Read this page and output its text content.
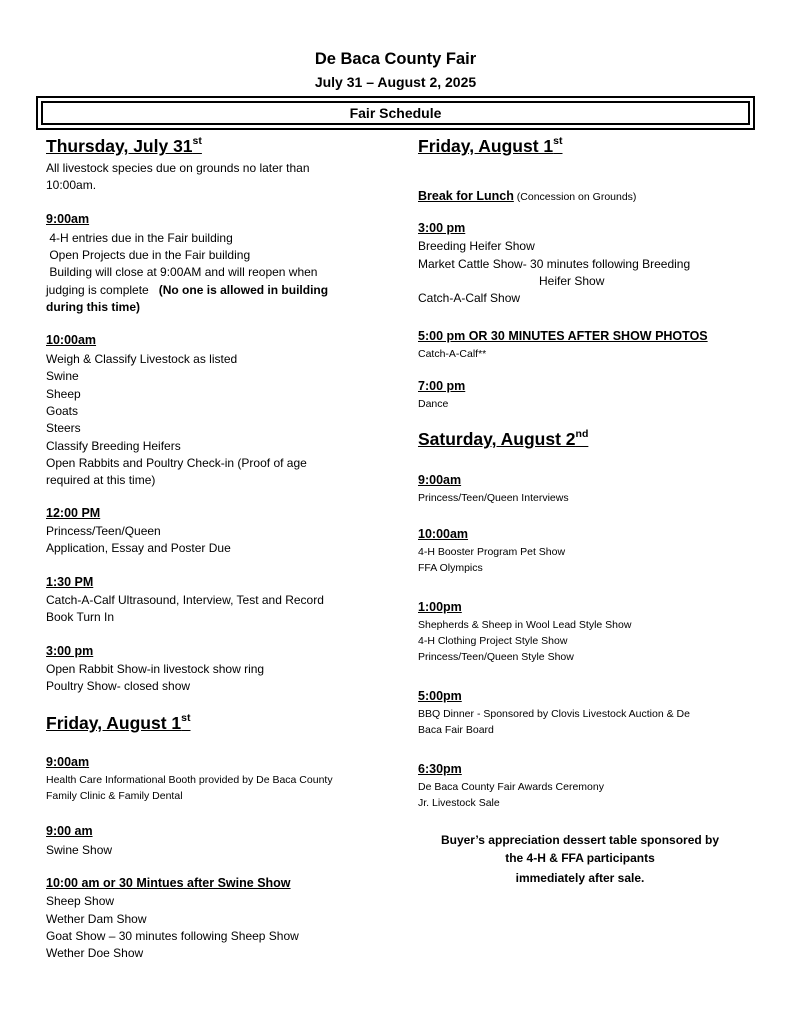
De Baca County Fair
July 31 – August 2, 2025
Fair Schedule
Thursday, July 31st
All livestock species due on grounds no later than
10:00am.
9:00am
4-H entries due in the Fair building
Open Projects due in the Fair building
Building will close at 9:00AM and will reopen when
judging is complete   (No one is allowed in building
during this time)
10:00am
Weigh & Classify Livestock as listed
Swine
Sheep
Goats
Steers
Classify Breeding Heifers
Open Rabbits and Poultry Check-in (Proof of age
required at this time)
12:00 PM
Princess/Teen/Queen
Application, Essay and Poster Due
1:30 PM
Catch-A-Calf Ultrasound, Interview, Test and Record
Book Turn In
3:00 pm
Open Rabbit Show-in livestock show ring
Poultry Show- closed show
Friday, August 1st
9:00am
Health Care Informational Booth provided by De Baca County
Family Clinic & Family Dental
9:00 am
Swine Show
10:00 am or 30 Mintues after Swine Show
Sheep Show
Wether Dam Show
Goat Show – 30 minutes following Sheep Show
Wether Doe Show
Friday, August 1st
Break for Lunch (Concession on Grounds)
3:00 pm
Breeding Heifer Show
Market Cattle Show- 30 minutes following Breeding
Heifer Show
Catch-A-Calf Show
5:00 pm OR 30 MINUTES AFTER SHOW PHOTOS
Catch-A-Calf**
7:00 pm
Dance
Saturday, August 2nd
9:00am
Princess/Teen/Queen Interviews
10:00am
4-H Booster Program Pet Show
FFA Olympics
1:00pm
Shepherds & Sheep in Wool Lead Style Show
4-H Clothing Project Style Show
Princess/Teen/Queen Style Show
5:00pm
BBQ Dinner - Sponsored by Clovis Livestock Auction & De
Baca Fair Board
6:30pm
De Baca County Fair Awards Ceremony
Jr. Livestock Sale
Buyer’s appreciation dessert table sponsored by
the 4-H & FFA participants
immediately after sale.
